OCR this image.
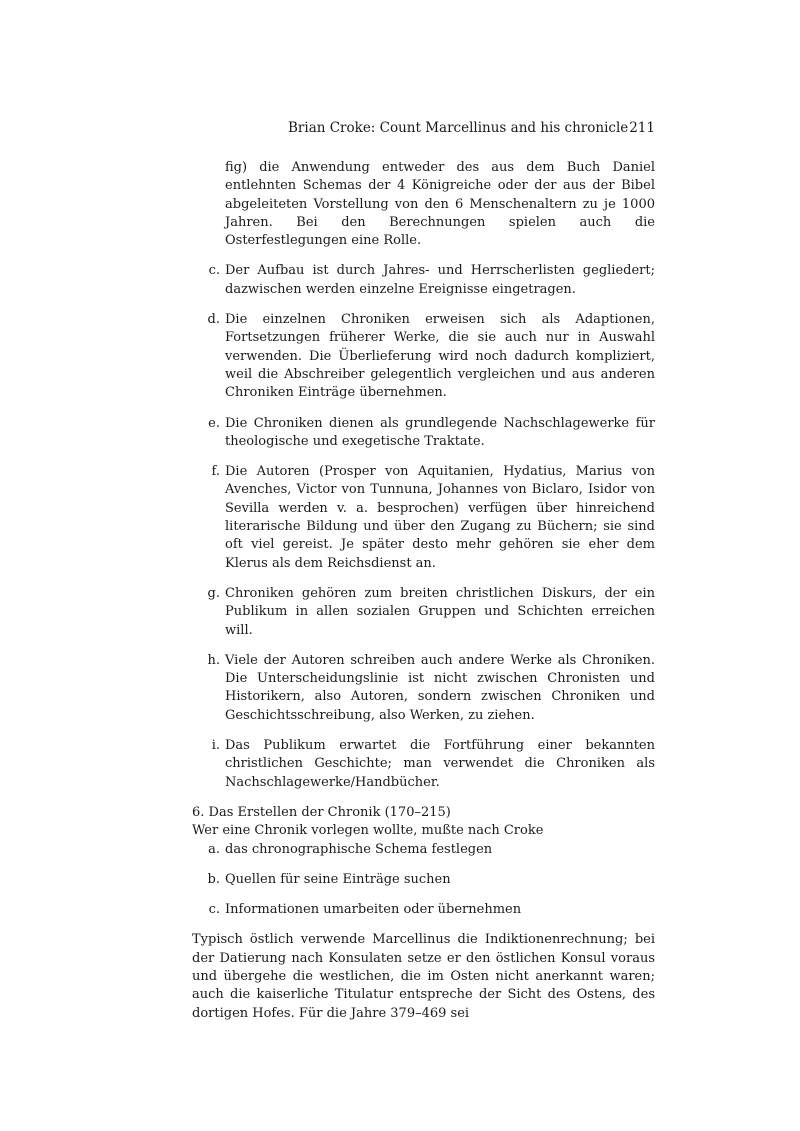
Brian Croke: Count Marcellinus and his chronicle 211
fig) die Anwendung entweder des aus dem Buch Daniel entlehnten Schemas der 4 Königreiche oder der aus der Bibel abgeleiteten Vorstellung von den 6 Menschenaltern zu je 1000 Jahren. Bei den Berechnungen spielen auch die Osterfestlegungen eine Rolle.
c. Der Aufbau ist durch Jahres- und Herrscherlisten gegliedert; dazwischen werden einzelne Ereignisse eingetragen.
d. Die einzelnen Chroniken erweisen sich als Adaptionen, Fortsetzungen früherer Werke, die sie auch nur in Auswahl verwenden. Die Überlieferung wird noch dadurch kompliziert, weil die Abschreiber gelegentlich vergleichen und aus anderen Chroniken Einträge übernehmen.
e. Die Chroniken dienen als grundlegende Nachschlagewerke für theologische und exegetische Traktate.
f. Die Autoren (Prosper von Aquitanien, Hydatius, Marius von Avenches, Victor von Tunnuna, Johannes von Biclaro, Isidor von Sevilla werden v. a. besprochen) verfügen über hinreichend literarische Bildung und über den Zugang zu Büchern; sie sind oft viel gereist. Je später desto mehr gehören sie eher dem Klerus als dem Reichsdienst an.
g. Chroniken gehören zum breiten christlichen Diskurs, der ein Publikum in allen sozialen Gruppen und Schichten erreichen will.
h. Viele der Autoren schreiben auch andere Werke als Chroniken. Die Unterscheidungslinie ist nicht zwischen Chronisten und Historikern, also Autoren, sondern zwischen Chroniken und Geschichtsschreibung, also Werken, zu ziehen.
i. Das Publikum erwartet die Fortführung einer bekannten christlichen Geschichte; man verwendet die Chroniken als Nachschlagewerke/Handbücher.

6. Das Erstellen der Chronik (170–215)

Wer eine Chronik vorlegen wollte, mußte nach Croke

a. das chronographische Schema festlegen
b. Quellen für seine Einträge suchen
c. Informationen umarbeiten oder übernehmen

Typisch östlich verwende Marcellinus die Indiktionenrechnung; bei der Datierung nach Konsulaten setze er den östlichen Konsul voraus und übergehe die westlichen, die im Osten nicht anerkannt waren; auch die kaiserliche Titulatur entspreche der Sicht des Ostens, des dortigen Hofes. Für die Jahre 379–469 sei
